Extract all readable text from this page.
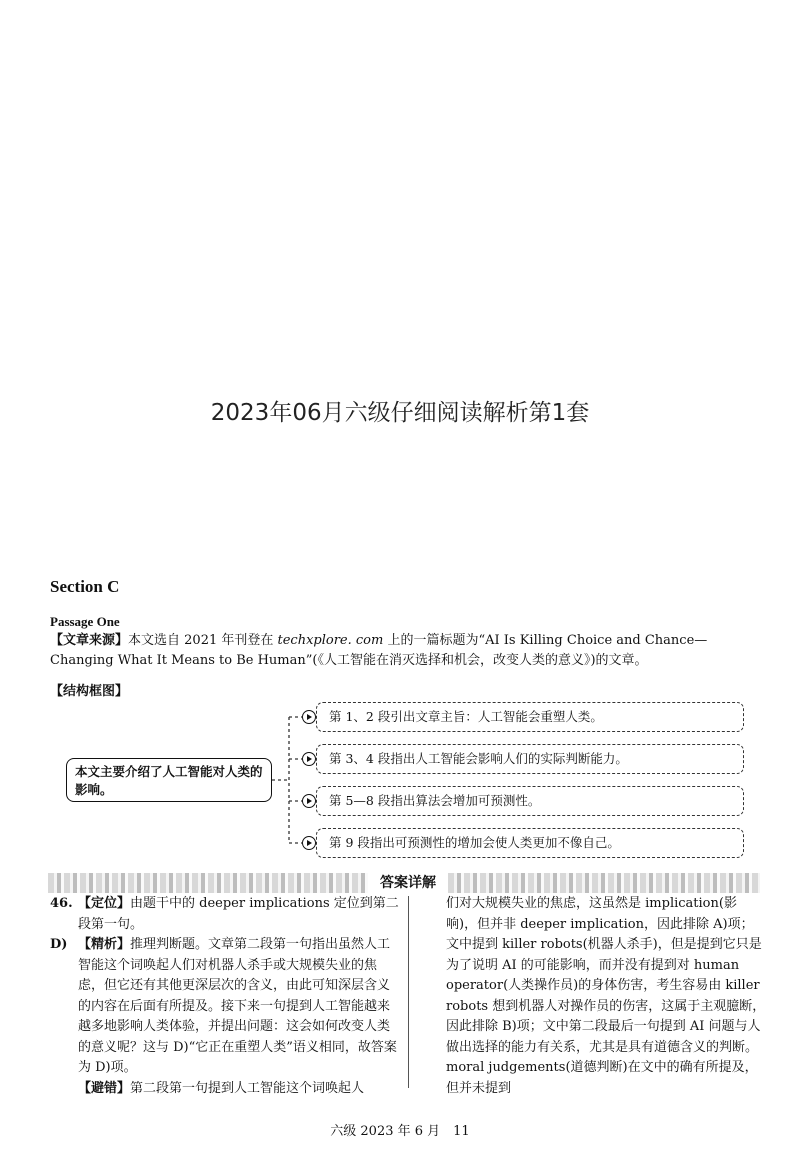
2023年06月六级仔细阅读解析第1套
Section C
Passage One

【文章来源】本文选自 2021 年刊登在 techxplore. com 上的一篇标题为“AI Is Killing Choice and Chance—Changing What It Means to Be Human”(《人工智能在消灭选择和机会，改变人类的意义》)的文章。

【结构框图】
本文主要介绍了人工智能对人类的影响。
第 1、2 段引出文章主旨：人工智能会重塑人类。
第 3、4 段指出人工智能会影响人们的实际判断能力。
第 5—8 段指出算法会增加可预测性。
第 9 段指出可预测性的增加会使人类更加不像自己。
答案详解
46. 【定位】由题干中的 deeper implications 定位到第二段第一句。
D) 【精析】推理判断题。文章第二段第一句指出虽然人工智能这个词唤起人们对机器人杀手或大规模失业的焦虑，但它还有其他更深层次的含义，由此可知深层含义的内容在后面有所提及。接下来一句提到人工智能越来越多地影响人类体验，并提出问题：这会如何改变人类的意义呢？这与 D)“它正在重塑人类”语义相同，故答案为 D)项。

【避错】第二段第一句提到人工智能这个词唤起人

们对大规模失业的焦虑，这虽然是 implication(影响)，但并非 deeper implication，因此排除 A)项；文中提到 killer robots(机器人杀手)，但是提到它只是为了说明 AI 的可能影响，而并没有提到对 human operator(人类操作员)的身体伤害，考生容易由 killer robots 想到机器人对操作员的伤害，这属于主观臆断，因此排除 B)项；文中第二段最后一句提到 AI 问题与人做出选择的能力有关系，尤其是具有道德含义的判断。moral judgements(道德判断)在文中的确有所提及，但并未提到

六级 2023 年 6 月　11
